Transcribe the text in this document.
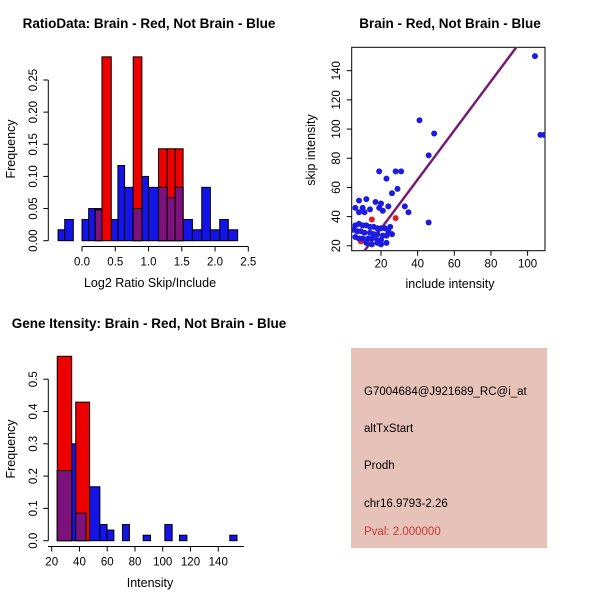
RatioData: Brain - Red, Not Brain - Blue
Log2 Ratio Skip/Include
Frequency
0.00
0.05
0.10
0.15
0.20
0.25
0.0 0.5 1.0 1.5 2.0 2.5
Brain - Red, Not Brain - Blue
include intensity
skip intensity
20 40 60 80 100
20
40
60
80
100
120
140
Gene Itensity: Brain - Red, Not Brain - Blue
Intensity
Frequency
0.0
0.1
0.2
0.3
0.4
0.5
20 40 60 80 100 120 140
G7004684@J921689_RC@i_at
altTxStart
Prodh
chr16.9793-2.26
Pval: 2.000000
